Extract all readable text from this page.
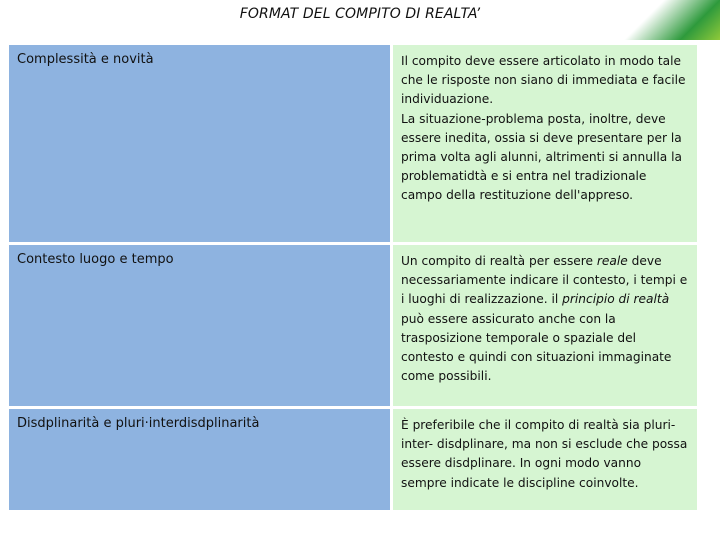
FORMAT DEL COMPITO DI REALTA’
Complessità e novità	Il compito deve essere articolato in modo tale che le risposte non siano di immediata e facile individuazione.

La situazione-problema posta, inoltre, deve essere inedita, ossia si deve presentare per la prima volta agli alunni, altrimenti si annulla la problematidtà e si entra nel tradizionale campo della restituzione dell'appreso.

Contesto luogo e tempo	Un compito di realtà per essere reale deve necessariamente indicare il contesto, i tempi e i luoghi di realizzazione. il principio di realtà può essere assicurato anche con la trasposizione temporale o spaziale del contesto e quindi con situazioni immaginate come possibili.

Disdplinarità e pluri·interdisdplinarità	È preferibile che il compito di realtà sia pluri-inter- disdplinare, ma non si esclude che possa essere disdplinare. In ogni modo vanno sempre indicate le discipline coinvolte.
